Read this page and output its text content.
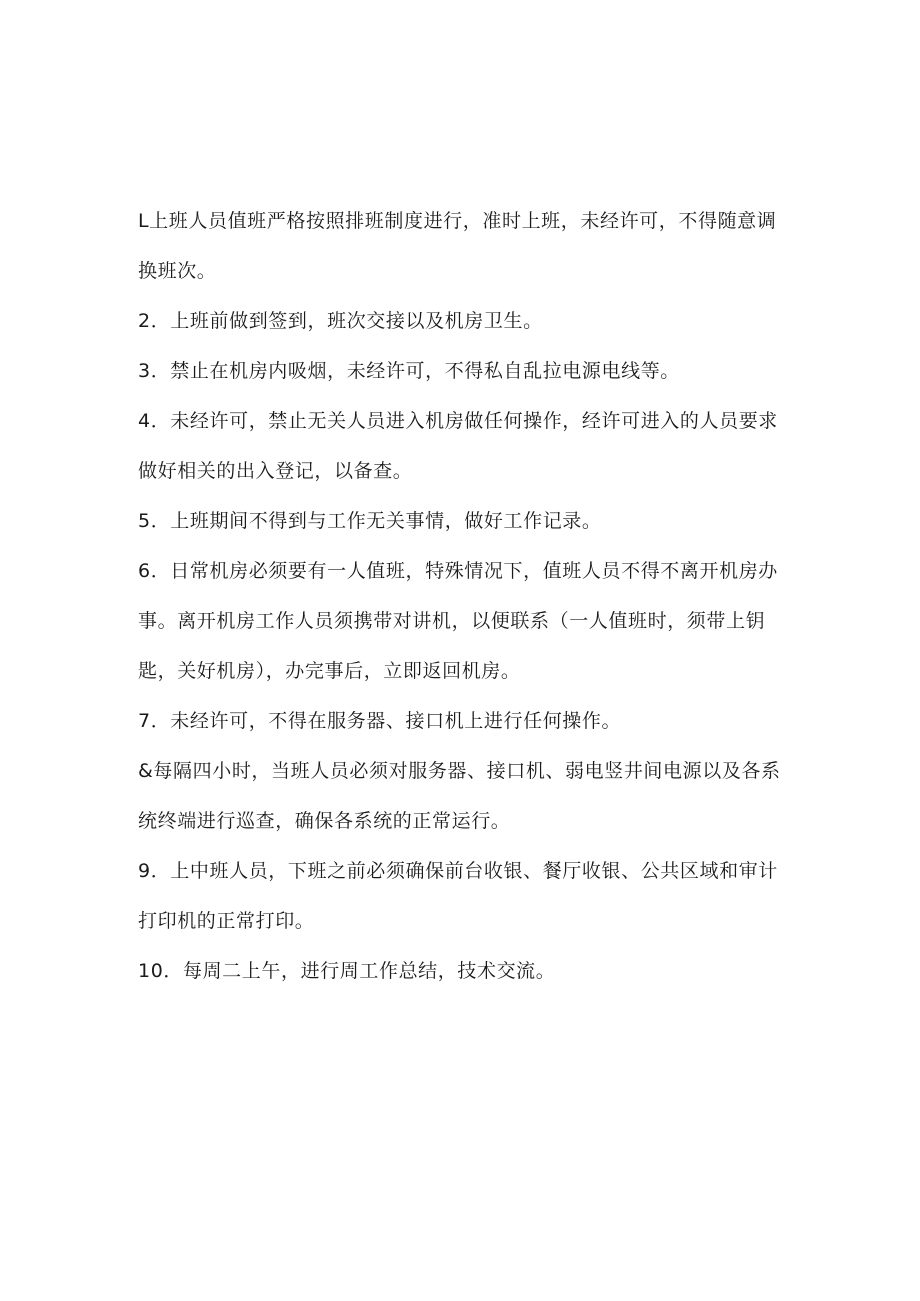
L上班人员值班严格按照排班制度进行，准时上班，未经许可，不得随意调换班次。

2．上班前做到签到，班次交接以及机房卫生。

3．禁止在机房内吸烟，未经许可，不得私自乱拉电源电线等。

4．未经许可，禁止无关人员进入机房做任何操作，经许可进入的人员要求做好相关的出入登记，以备查。

5．上班期间不得到与工作无关事情，做好工作记录。

6．日常机房必须要有一人值班，特殊情况下，值班人员不得不离开机房办事。离开机房工作人员须携带对讲机，以便联系（一人值班时，须带上钥匙，关好机房），办完事后，立即返回机房。

7．未经许可，不得在服务器、接口机上进行任何操作。

&每隔四小时，当班人员必须对服务器、接口机、弱电竖井间电源以及各系统终端进行巡查，确保各系统的正常运行。

9．上中班人员，下班之前必须确保前台收银、餐厅收银、公共区域和审计打印机的正常打印。

10．每周二上午，进行周工作总结，技术交流。
